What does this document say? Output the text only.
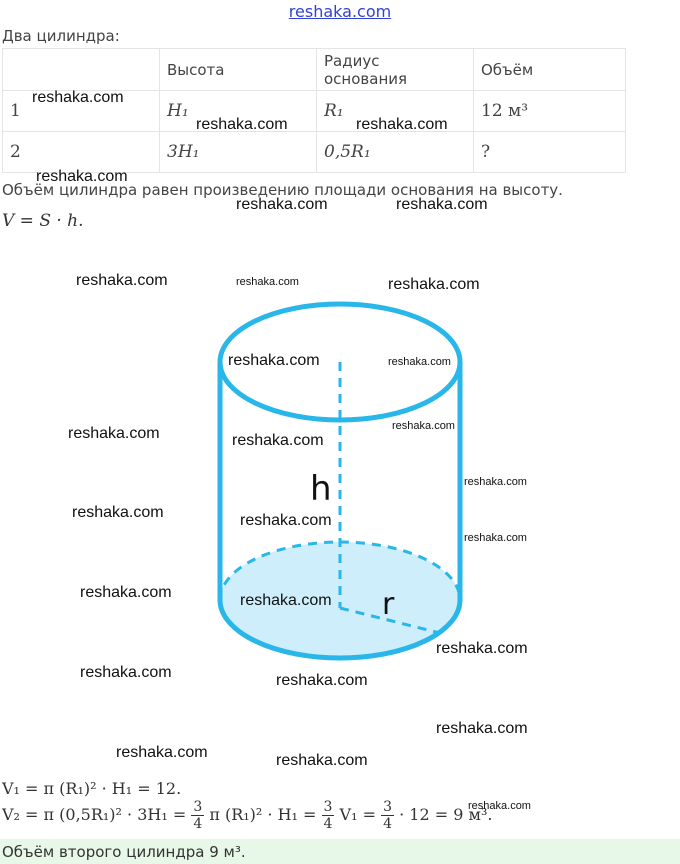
reshaka.com
Два цилиндра:
	Высота	Радиус основания	Объём
1	H₁	R₁	12 м³
2	3H₁	0,5R₁	?
Объём цилиндра равен произведению площади основания на высоту.
V = S · h.
h
r
V₁ = π (R₁)² · H₁ = 12.
V₂ = π $(0,5R_1)^2 \cdot 3H_1 = \frac{3}{4}$ π $(R_1)^2 \cdot H_1 = \frac{3}{4} V_1 = \frac{3}{4} \cdot 12 = 9$ м³.
Объём второго цилиндра 9 м³.
reshaka.com
reshaka.com	reshaka.com
reshaka.com
reshaka.com	reshaka.com
reshaka.com	reshaka.com	reshaka.com
reshaka.com	reshaka.com
reshaka.com
reshaka.com	reshaka.com
reshaka.com
reshaka.com	reshaka.com
reshaka.com
reshaka.com	reshaka.com
reshaka.com
reshaka.com	reshaka.com
reshaka.com
reshaka.com	reshaka.com
reshaka.com
